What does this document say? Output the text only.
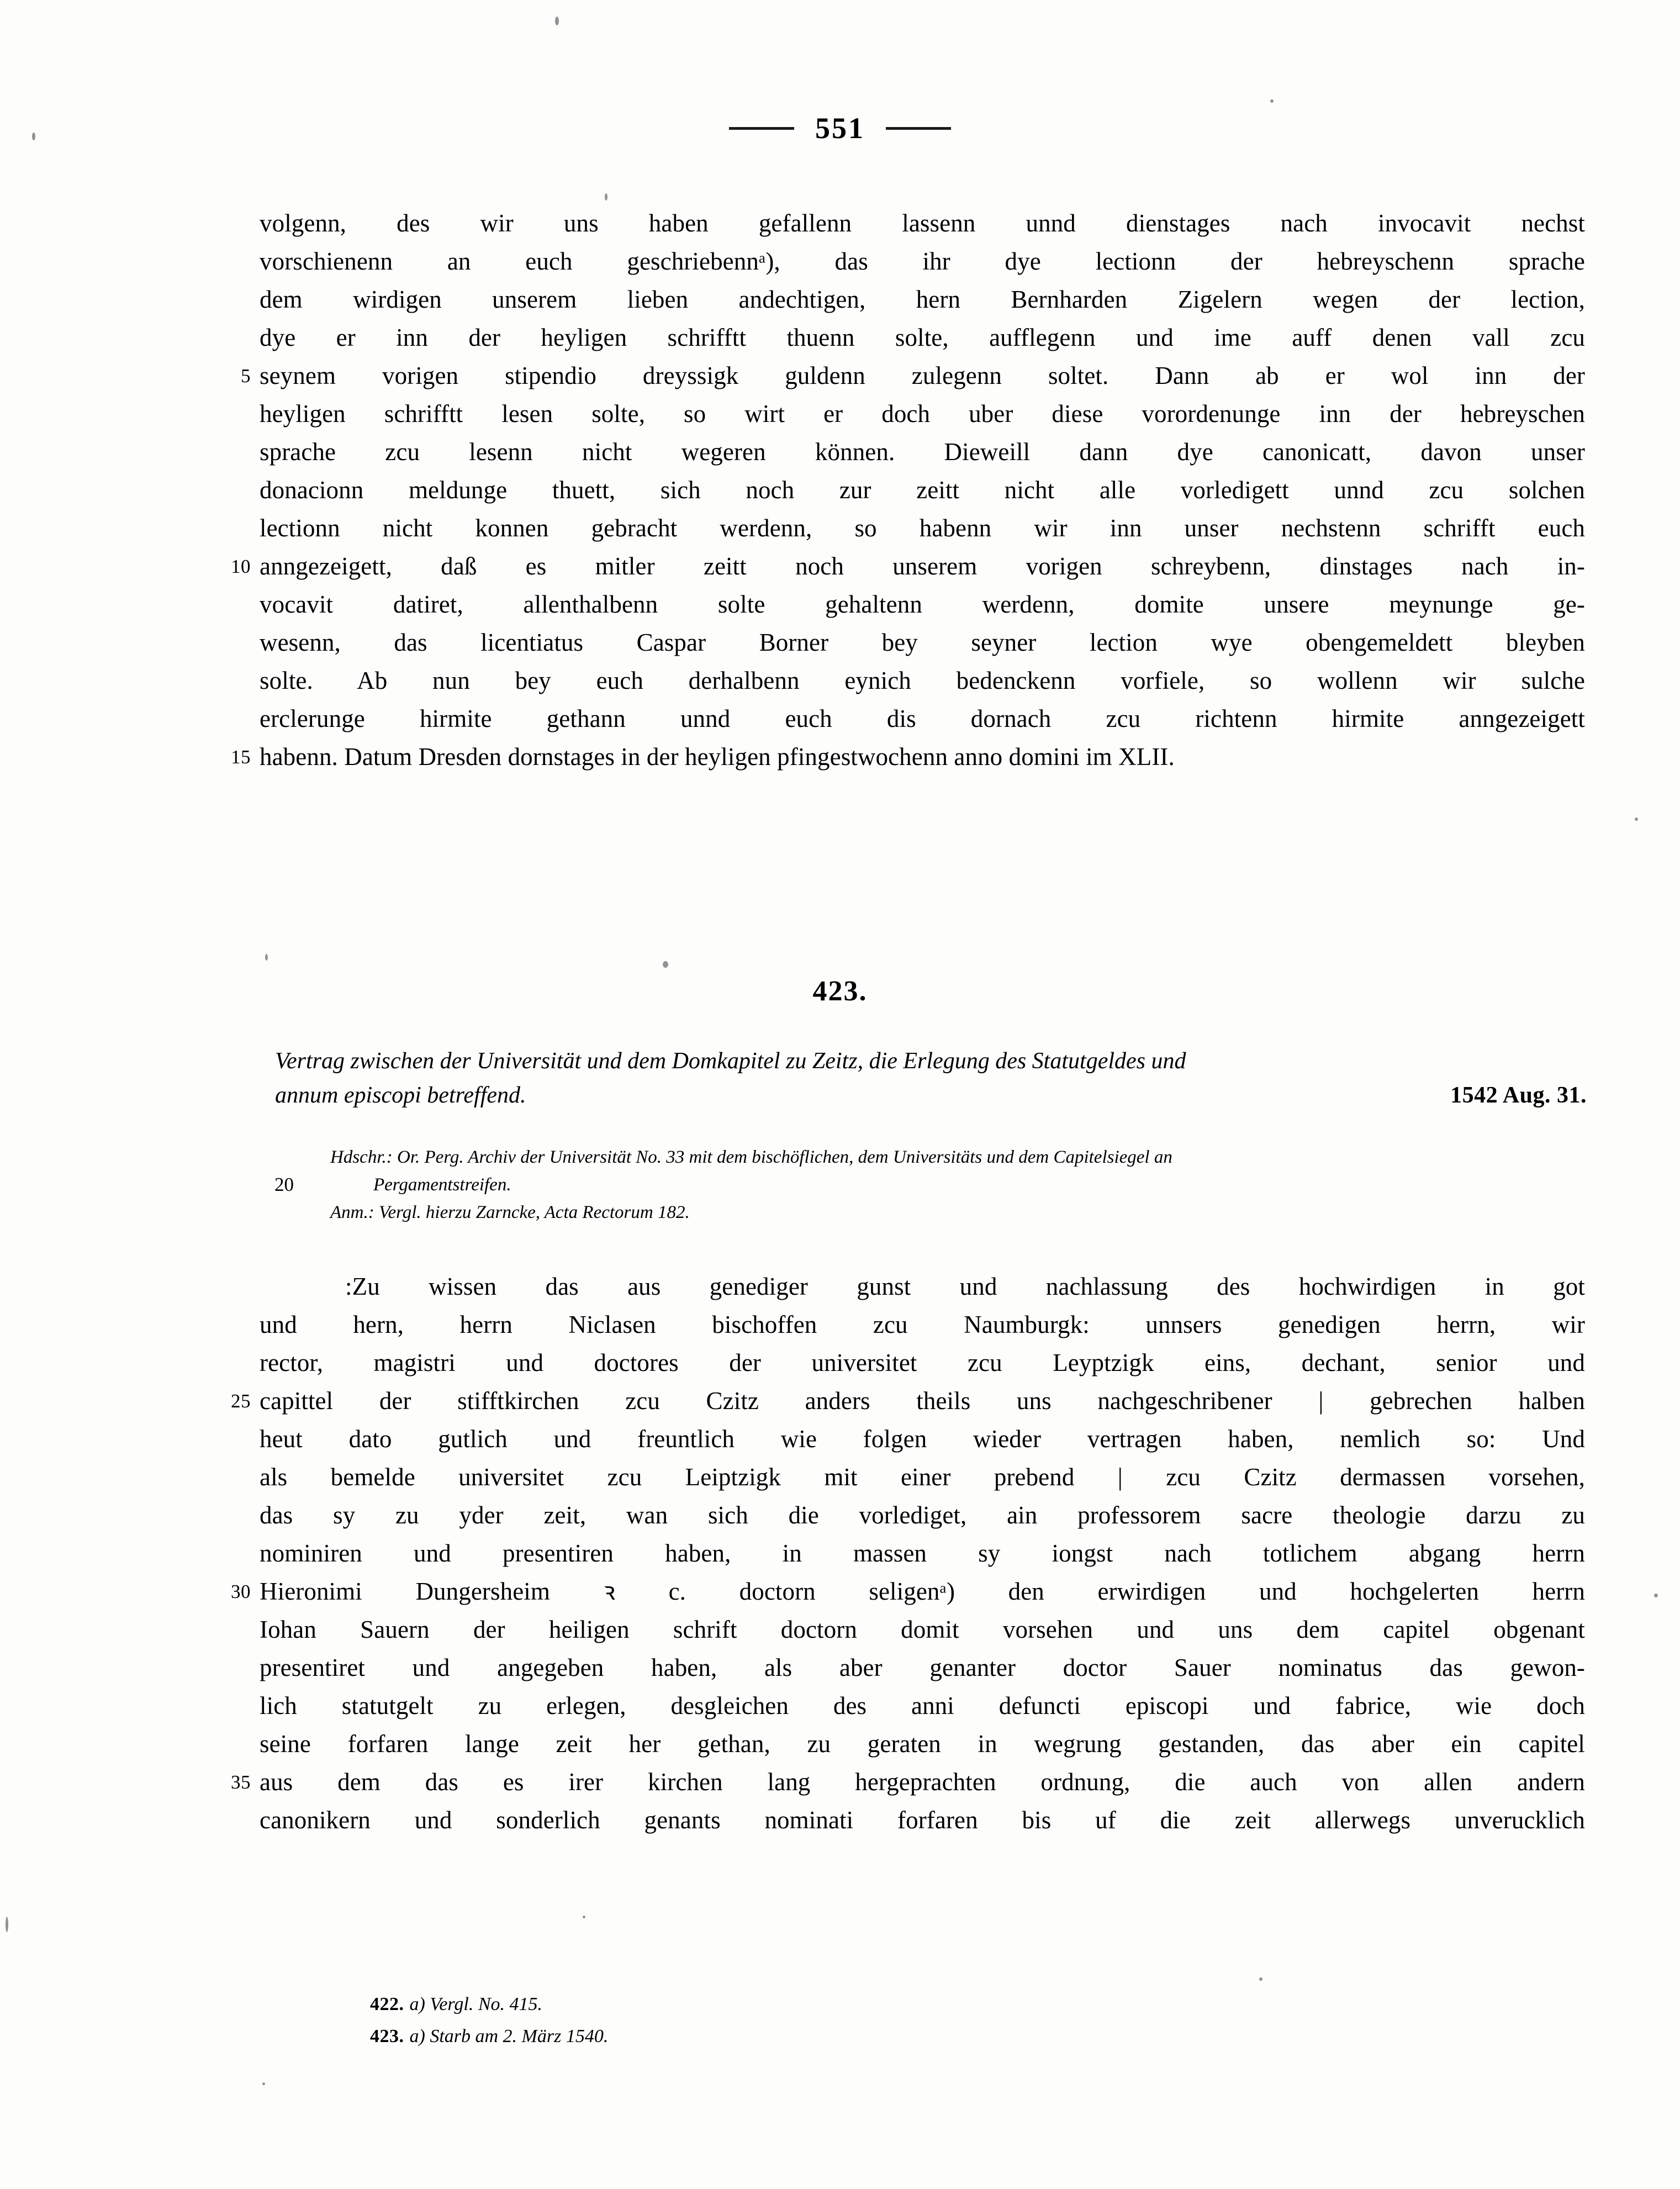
551
volgenn, des wir uns haben gefallenn lassenn unnd dienstages nach invocavit nechst
vorschienenn an euch geschriebennᵃ), das ihr dye lectionn der hebreyschenn sprache
dem wirdigen unserem lieben andechtigen, hern Bernharden Zigelern wegen der lection,
dye er inn der heyligen schrifftt thuenn solte, aufflegenn und ime auff denen vall zcu
5 seynem vorigen stipendio dreyssigk guldenn zulegenn soltet. Dann ab er wol inn der
heyligen schrifftt lesen solte, so wirt er doch uber diese vorordenunge inn der hebreyschen
sprache zcu lesenn nicht wegeren können. Dieweill dann dye canonicatt, davon unser
donacionn meldunge thuett, sich noch zur zeitt nicht alle vorledigett unnd zcu solchen
lectionn nicht konnen gebracht werdenn, so habenn wir inn unser nechstenn schrifft euch
10 anngezeigett, daß es mitler zeitt noch unserem vorigen schreybenn, dinstages nach in-
vocavit datiret, allenthalbenn solte gehaltenn werdenn, domite unsere meynunge ge-
wesenn, das licentiatus Caspar Borner bey seyner lection wye obengemeldett bleyben
solte. Ab nun bey euch derhalbenn eynich bedenckenn vorfiele, so wollenn wir sulche
erclerunge hirmite gethann unnd euch dis dornach zcu richtenn hirmite anngezeigett
15 habenn. Datum Dresden dornstages in der heyligen pfingestwochenn anno domini im XLII.
423.
Vertrag zwischen der Universität und dem Domkapitel zu Zeitz, die Erlegung des Statutgeldes und
annum episcopi betreffend.	1542 Aug. 31.
20
Hdschr.: Or. Perg. Archiv der Universität No. 33 mit dem bischöflichen, dem Universitäts und dem Capitelsiegel an
Pergamentstreifen.
Anm.: Vergl. hierzu Zarncke, Acta Rectorum 182.
:Zu wissen das aus genediger gunst und nachlassung des hochwirdigen in got
und hern, herrn Niclasen bischoffen zcu Naumburgk: unnsers genedigen herrn, wir
rector, magistri und doctores der universitet zcu Leyptzigk eins, dechant, senior und
25 capittel der stifftkirchen zcu Czitz anders theils uns nachgeschribener | gebrechen halben
heut dato gutlich und freuntlich wie folgen wieder vertragen haben, nemlich so: Und
als bemelde universitet zcu Leiptzigk mit einer prebend | zcu Czitz dermassen vorsehen,
das sy zu yder zeit, wan sich die vorlediget, ain professorem sacre theologie darzu zu
nominiren und presentiren haben, in massen sy iongst nach totlichem abgang herrn
30 Hieronimi Dungersheim ꝛ c. doctorn seligenᵃ) den erwirdigen und hochgelerten herrn
Iohan Sauern der heiligen schrift doctorn domit vorsehen und uns dem capitel obgenant
presentiret und angegeben haben, als aber genanter doctor Sauer nominatus das gewon-
lich statutgelt zu erlegen, desgleichen des anni defuncti episcopi und fabrice, wie doch
seine forfaren lange zeit her gethan, zu geraten in wegrung gestanden, das aber ein capitel
35 aus dem das es irer kirchen lang hergeprachten ordnung, die auch von allen andern
canonikern und sonderlich genants nominati forfaren bis uf die zeit allerwegs unverucklich
422. a) Vergl. No. 415.
423. a) Starb am 2. März 1540.
